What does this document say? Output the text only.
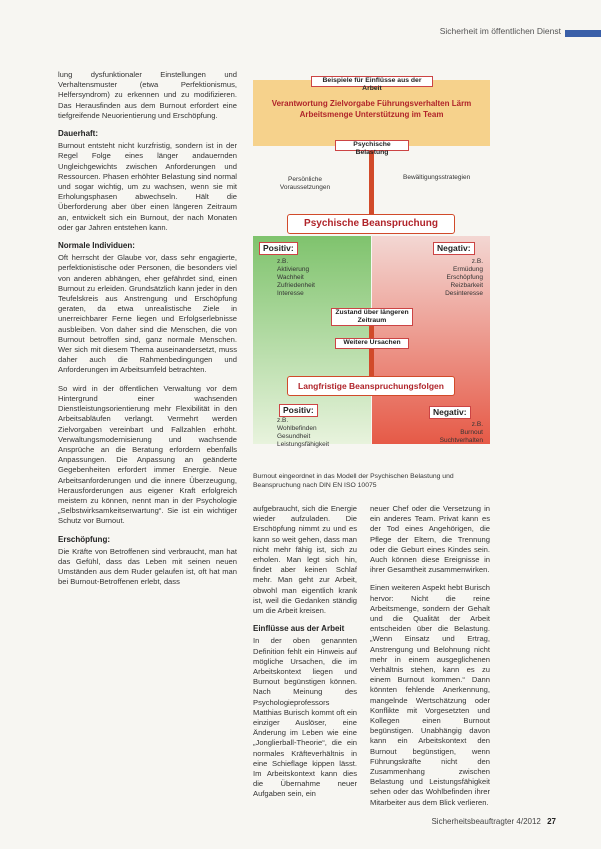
Sicherheit im öffentlichen Dienst

lung dysfunktionaler Einstellungen und Verhaltensmuster (etwa Perfektionismus, Helfersyndrom) zu erkennen und zu modifizieren. Das Herausfinden aus dem Burnout erfordert eine tiefgreifende Neuorientierung und Erschöpfung.

Dauerhaft:

Burnout entsteht nicht kurzfristig, sondern ist in der Regel Folge eines länger andauernden Ungleichgewichts zwischen Anforderungen und Ressourcen. Phasen erhöhter Belastung sind normal und sogar wichtig, um zu wachsen, wenn sie mit Erholungsphasen abwechseln. Hält die Überforderung aber über einen längeren Zeitraum an, entwickelt sich ein Burnout, der nach Monaten oder gar Jahren entstehen kann.

Normale Individuen:

Oft herrscht der Glaube vor, dass sehr engagierte, perfektionistische oder Personen, die besonders viel von anderen abhängen, eher gefährdet sind, einen Burnout zu erleiden. Grundsätzlich kann jeder in den Teufelskreis aus Anstrengung und Erschöpfung geraten, da etwa unrealistische Ziele in unerreichbarer Ferne liegen und Erfolgserlebnisse ausbleiben. Von daher sind die Menschen, die von Burnout betroffen sind, ganz normale Menschen. Wer sich mit diesem Thema auseinandersetzt, muss daher auch die Rahmenbedingungen und Anforderungen im Arbeitsumfeld betrachten.

So wird in der öffentlichen Verwaltung vor dem Hintergrund einer wachsenden Dienstleistungsorientierung mehr Flexibilität in den Arbeitsabläufen verlangt. Vermehrt werden Zielvorgaben vereinbart und Fallzahlen erhöht. Verwaltungsmodernisierung und wachsende Ansprüche an die Beratung erfordern ebenfalls Anpassungen. Die Anpassung an geänderte Gegebenheiten erfordert immer Energie. Neue Arbeitsanforderungen und die innere Überzeugung, Herausforderungen aus eigener Kraft erfolgreich meistern zu können, nennt man in der Psychologie „Selbstwirksamkeitserwartung“. Sie ist ein wichtiger Schutz vor Burnout.

Erschöpfung:

Die Kräfte von Betroffenen sind verbraucht, man hat das Gefühl, dass das Leben mit seinen neuen Umständen aus dem Ruder gelaufen ist, oft hat man bei Burnout-Betroffenen erlebt, dass

Verantwortung Zielvorgabe Führungsverhalten Lärm
Arbeitsmenge Unterstützung im Team
Beispiele für Einflüsse aus der Arbeit
Psychische Belastung
Persönliche Voraussetzungen
Bewältigungsstrategien
Psychische Beanspruchung
Positiv:
z.B.
Aktivierung
Wachheit
Zufriedenheit
Interesse
Negativ:
z.B.
Ermüdung
Erschöpfung
Reizbarkeit
Desinteresse
Zustand über längeren Zeitraum
Weitere Ursachen
Langfristige Beanspruchungsfolgen
Positiv:
z.B.
Wohlbefinden
Gesundheit
Leistungsfähigkeit
Negativ:
z.B.
Burnout
Suchtverhalten
Burnout eingeordnet in das Modell der Psychischen Belastung und Beanspruchung nach DIN EN ISO 10075

aufgebraucht, sich die Energie wieder aufzuladen. Die Erschöpfung nimmt zu und es kann so weit gehen, dass man nicht mehr fähig ist, sich zu erholen. Man legt sich hin, findet aber keinen Schlaf mehr. Man geht zur Arbeit, obwohl man eigentlich krank ist, weil die Gedanken ständig um die Arbeit kreisen.

Einflüsse aus der Arbeit

In der oben genannten Definition fehlt ein Hinweis auf mögliche Ursachen, die im Arbeitskontext liegen und Burnout begünstigen können. Nach Meinung des Psychologieprofessors Matthias Burisch kommt oft ein einziger Auslöser, eine Änderung im Leben wie eine „Jonglierball-Theorie“, die ein normales Kräfteverhältnis in eine Schieflage kippen lässt. Im Arbeitskontext kann dies die Übernahme neuer Aufgaben sein, ein

neuer Chef oder die Versetzung in ein anderes Team. Privat kann es der Tod eines Angehörigen, die Pflege der Eltern, die Trennung oder die Geburt eines Kindes sein. Auch können diese Ereignisse in ihrer Gesamtheit zusammenwirken.

Einen weiteren Aspekt hebt Burisch hervor: Nicht die reine Arbeitsmenge, sondern der Gehalt und die Qualität der Arbeit entscheiden über die Belastung. „Wenn Einsatz und Ertrag, Anstrengung und Belohnung nicht mehr in einem ausgeglichenen Verhältnis stehen, kann es zu einem Burnout kommen.“ Dann könnten fehlende Anerkennung, mangelnde Wertschätzung oder Konflikte mit Vorgesetzten und Kollegen einen Burnout begünstigen. Unabhängig davon kann ein Arbeitskontext den Burnout begünstigen, wenn Führungskräfte nicht den Zusammenhang zwischen Belastung und Leistungsfähigkeit sehen oder das Wohlbefinden ihrer Mitarbeiter aus dem Blick verlieren.

Sicherheitsbeauftragter 4/2012 27
